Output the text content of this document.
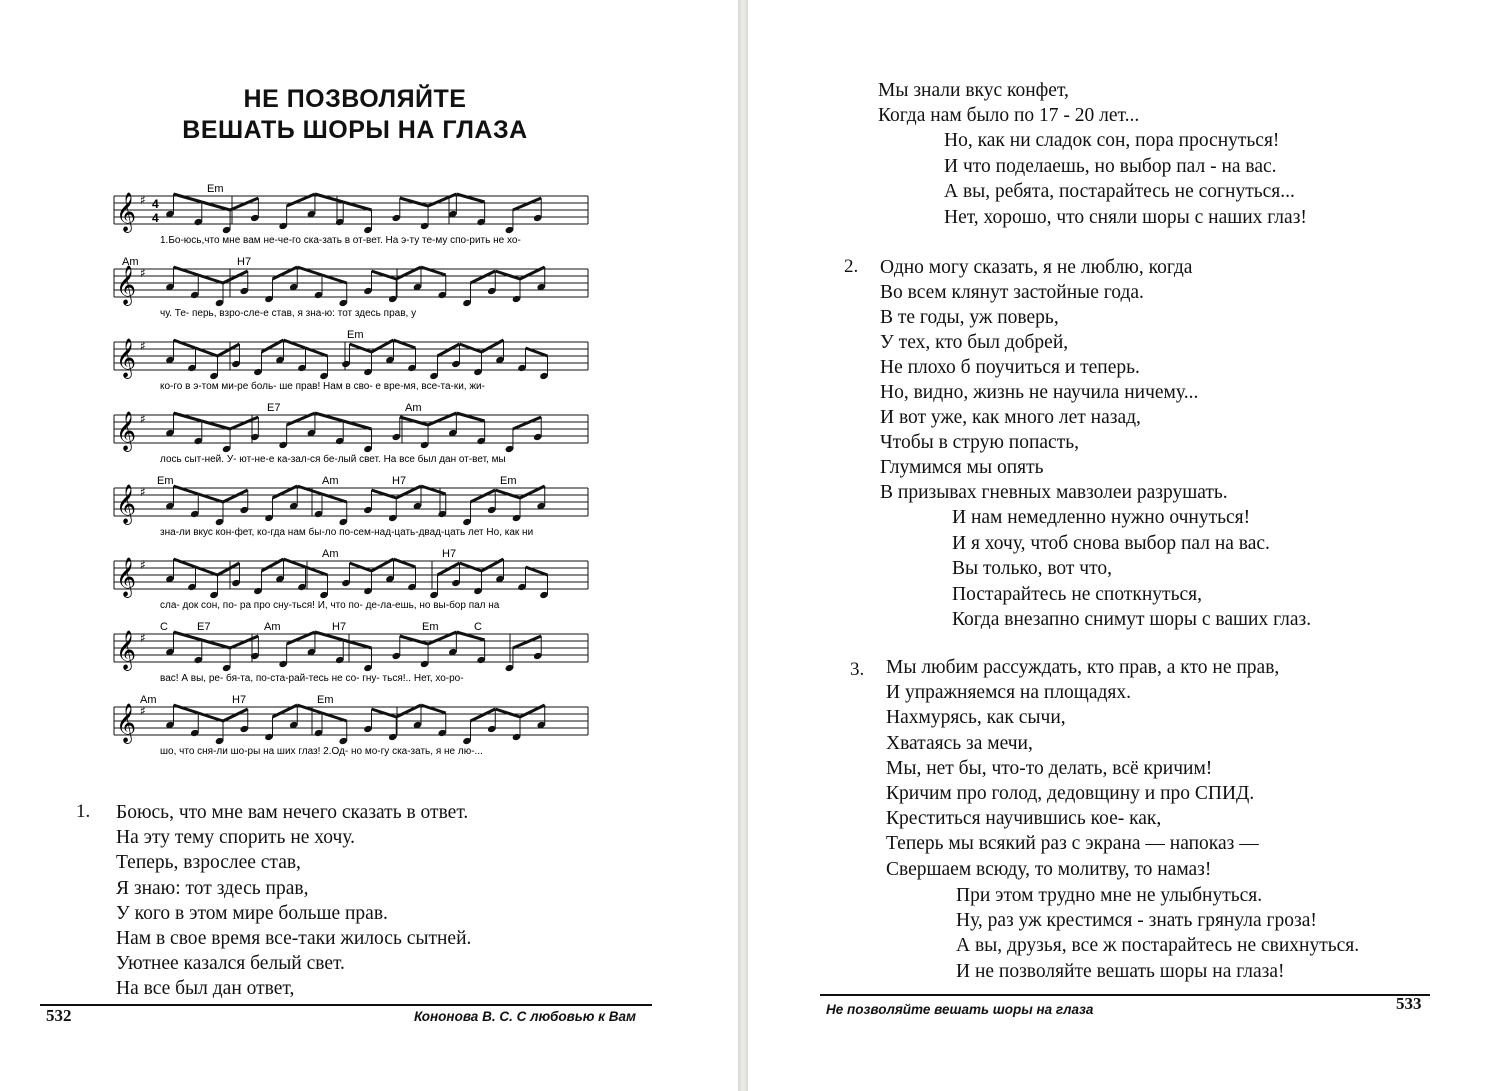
НЕ ПОЗВОЛЯЙТЕ
ВЕШАТЬ ШОРЫ НА ГЛАЗА
𝄞 ♯ 4
4
Em
1.Бо-юсь,что мне вам не-че-го ска-зать в от-вет. На э-ту те-му спо-рить не хо-
𝄞 ♯
Am	H7
чу. Те- перь, взро-сле-е став, я зна-ю: тот здесь прав, у
𝄞 ♯
Em
ко-го в э-том ми-ре боль- ше прав! Нам в сво- е вре-мя, все-та-ки, жи-
𝄞 ♯
E7	Am
лось сыт-ней. У- ют-не-е ка-зал-ся бе-лый свет. На все был дан от-вет, мы
𝄞 ♯
Em	Am	H7	Em
зна-ли вкус кон-фет, ко-гда нам бы-ло по-сем-над-цать-двад-цать лет Но, как ни
𝄞 ♯
Am	H7
сла- док сон, по- ра про сну-ться! И, что по- де-ла-ешь, но вы-бор пал на
𝄞 ♯
C	E7	Am	H7	Em	C
вас! А вы, ре- бя-та, по-ста-рай-тесь не со- гну- ться!.. Нет, хо-ро-
𝄞 ♯
Am	H7	Em
шо, что сня-ли шо-ры на ших глаз! 2.Од- но мо-гу ска-зать, я не лю-...
1. Боюсь, что мне вам нечего сказать в ответ.
На эту тему спорить не хочу.
Теперь, взрослее став,
Я знаю: тот здесь прав,
У кого в этом мире больше прав.
Нам в свое время все-таки жилось сытней.
Уютнее казался белый свет.
На все был дан ответ,
532	Кононова В. С. С любовью к Вам
Мы знали вкус конфет,
Когда нам было по 17 - 20 лет...
Но, как ни сладок сон, пора проснуться!
И что поделаешь, но выбор пал - на вас.
А вы, ребята, постарайтесь не согнуться...
Нет, хорошо, что сняли шоры с наших глаз!
Одно могу сказать, я не люблю, когда
Во всем клянут застойные года.
В те годы, уж поверь,
У тех, кто был добрей,
Не плохо б поучиться и теперь.
Но, видно, жизнь не научила ничему...
И вот уже, как много лет назад,
Чтобы в струю попасть,
Глумимся мы опять
В призывах гневных мавзолеи разрушать.
И нам немедленно нужно очнуться!
И я хочу, чтоб снова выбор пал на вас.
Вы только, вот что,
Постарайтесь не споткнуться,
Когда внезапно снимут шоры с ваших глаз.
Мы любим рассуждать, кто прав, а кто не прав,
И упражняемся на площадях.
Нахмурясь, как сычи,
Хватаясь за мечи,
Мы, нет бы, что-то делать, всё кричим!
Кричим про голод, дедовщину и про СПИД.
Креститься научившись кое- как,
Теперь мы всякий раз с экрана — напоказ —
Свершаем всюду, то молитву, то намаз!
При этом трудно мне не улыбнуться.
Ну, раз уж крестимся - знать грянула гроза!
А вы, друзья, все ж постарайтесь не свихнуться.
И не позволяйте вешать шоры на глаза!
2.
3.
Не позволяйте вешать шоры на глаза	533
